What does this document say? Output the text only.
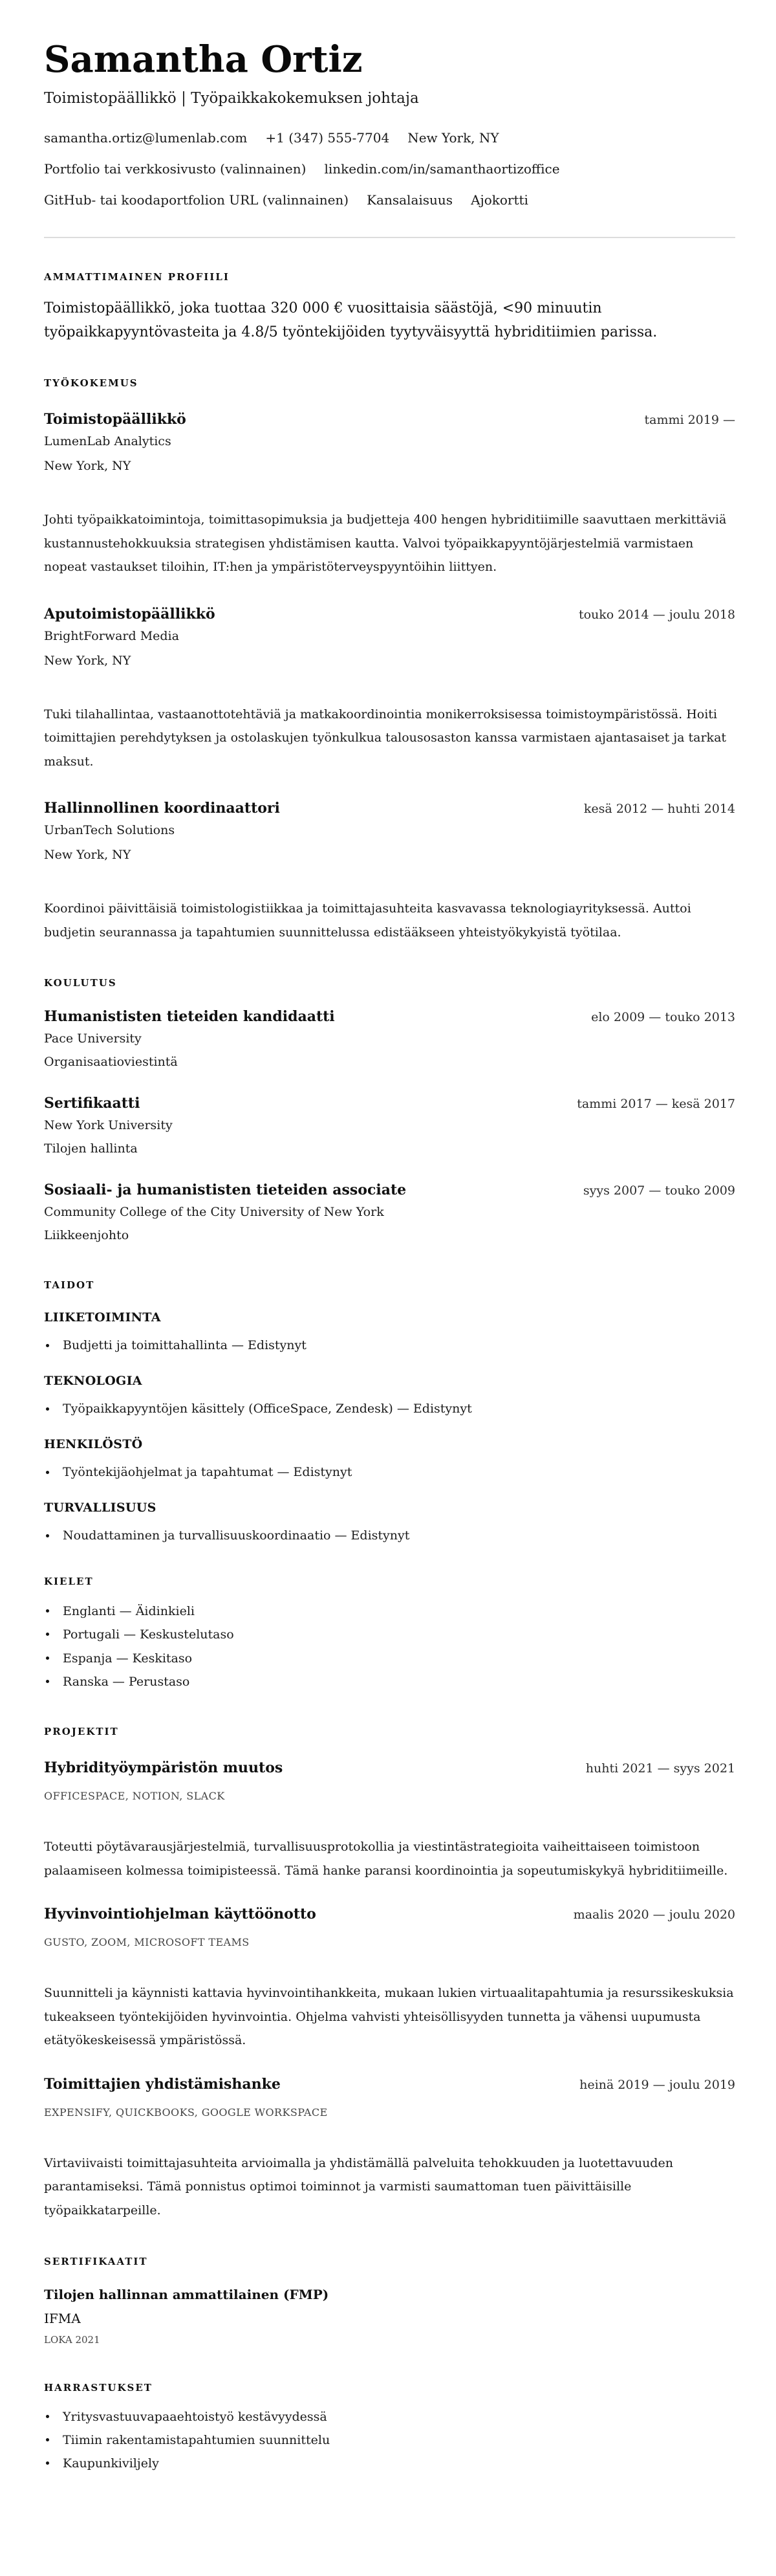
Samantha Ortiz
Toimistopäällikkö | Työpaikkakokemuksen johtaja
samantha.ortiz@lumenlab.com +1 (347) 555-7704 New York, NY
Portfolio tai verkkosivusto (valinnainen) linkedin.com/in/samanthaortizoffice
GitHub- tai koodaportfolion URL (valinnainen) Kansalaisuus Ajokortti
AMMATTIMAINEN PROFIILI
Toimistopäällikkö, joka tuottaa 320 000 € vuosittaisia säästöjä, <90 minuutin työpaikkapyyntövasteita ja 4.8/5 työntekijöiden tyytyväisyyttä hybriditiimien parissa.
TYÖKOKEMUS
Toimistopäällikkö	tammi 2019 —
LumenLab Analytics
New York, NY
Johti työpaikkatoimintoja, toimittasopimuksia ja budjetteja 400 hengen hybriditiimille saavuttaen merkittäviä kustannustehokkuuksia strategisen yhdistämisen kautta. Valvoi työpaikkapyyntöjärjestelmiä varmistaen nopeat vastaukset tiloihin, IT:hen ja ympäristöterveyspyyntöihin liittyen.
Aputoimistopäällikkö	touko 2014 — joulu 2018
BrightForward Media
New York, NY
Tuki tilahallintaa, vastaanottotehtäviä ja matkakoordinointia monikerroksisessa toimistoympäristössä. Hoiti toimittajien perehdytyksen ja ostolaskujen työnkulkua talousosaston kanssa varmistaen ajantasaiset ja tarkat maksut.
Hallinnollinen koordinaattori	kesä 2012 — huhti 2014
UrbanTech Solutions
New York, NY
Koordinoi päivittäisiä toimistologistiikkaa ja toimittajasuhteita kasvavassa teknologiayrityksessä. Auttoi budjetin seurannassa ja tapahtumien suunnittelussa edistääkseen yhteistyökykyistä työtilaa.
KOULUTUS
Humanististen tieteiden kandidaatti	elo 2009 — touko 2013
Pace University
Organisaatioviestintä
Sertifikaatti	tammi 2017 — kesä 2017
New York University
Tilojen hallinta
Sosiaali- ja humanististen tieteiden associate	syys 2007 — touko 2009
Community College of the City University of New York
Liikkeenjohto
TAIDOT
LIIKETOIMINTA
Budjetti ja toimittahallinta — Edistynyt
TEKNOLOGIA
Työpaikkapyyntöjen käsittely (OfficeSpace, Zendesk) — Edistynyt
HENKILÖSTÖ
Työntekijäohjelmat ja tapahtumat — Edistynyt
TURVALLISUUS
Noudattaminen ja turvallisuuskoordinaatio — Edistynyt
KIELET
Englanti — Äidinkieli
Portugali — Keskustelutaso
Espanja — Keskitaso
Ranska — Perustaso
PROJEKTIT
Hybridityöympäristön muutos	huhti 2021 — syys 2021
OFFICESPACE, NOTION, SLACK
Toteutti pöytävarausjärjestelmiä, turvallisuusprotokollia ja viestintästrategioita vaiheittaiseen toimistoon palaamiseen kolmessa toimipisteessä. Tämä hanke paransi koordinointia ja sopeutumiskykyä hybriditiimeille.
Hyvinvointiohjelman käyttöönotto	maalis 2020 — joulu 2020
GUSTO, ZOOM, MICROSOFT TEAMS
Suunnitteli ja käynnisti kattavia hyvinvointihankkeita, mukaan lukien virtuaalitapahtumia ja resurssikeskuksia tukeakseen työntekijöiden hyvinvointia. Ohjelma vahvisti yhteisöllisyyden tunnetta ja vähensi uupumusta etätyökeskeisessä ympäristössä.
Toimittajien yhdistämishanke	heinä 2019 — joulu 2019
EXPENSIFY, QUICKBOOKS, GOOGLE WORKSPACE
Virtaviivaisti toimittajasuhteita arvioimalla ja yhdistämällä palveluita tehokkuuden ja luotettavuuden parantamiseksi. Tämä ponnistus optimoi toiminnot ja varmisti saumattoman tuen päivittäisille työpaikkatarpeille.
SERTIFIKAATIT
Tilojen hallinnan ammattilainen (FMP)
IFMA
LOKA 2021
HARRASTUKSET
Yritysvastuuvapaaehtoistyö kestävyydessä
Tiimin rakentamistapahtumien suunnittelu
Kaupunkiviljely
